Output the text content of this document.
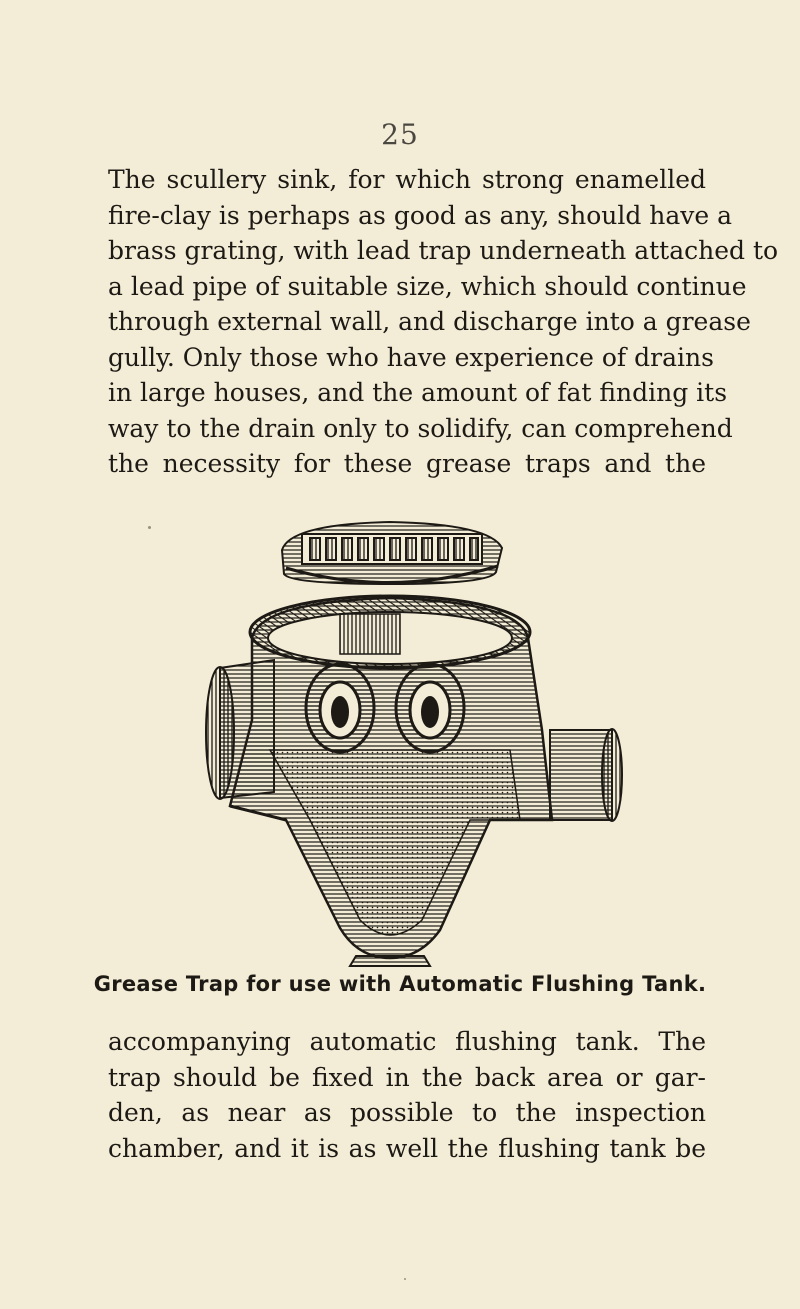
25
The scullery sink, for which strong enamelled
fire-clay is perhaps as good as any, should have a
brass grating, with lead trap underneath attached to
a lead pipe of suitable size, which should continue
through external wall, and discharge into a grease
gully. Only those who have experience of drains
in large houses, and the amount of fat finding its
way to the drain only to solidify, can comprehend
the necessity for these grease traps and the
Grease Trap for use with Automatic Flushing Tank.
accompanying automatic flushing tank. The
trap should be fixed in the back area or gar-
den, as near as possible to the inspection
chamber, and it is as well the flushing tank be
